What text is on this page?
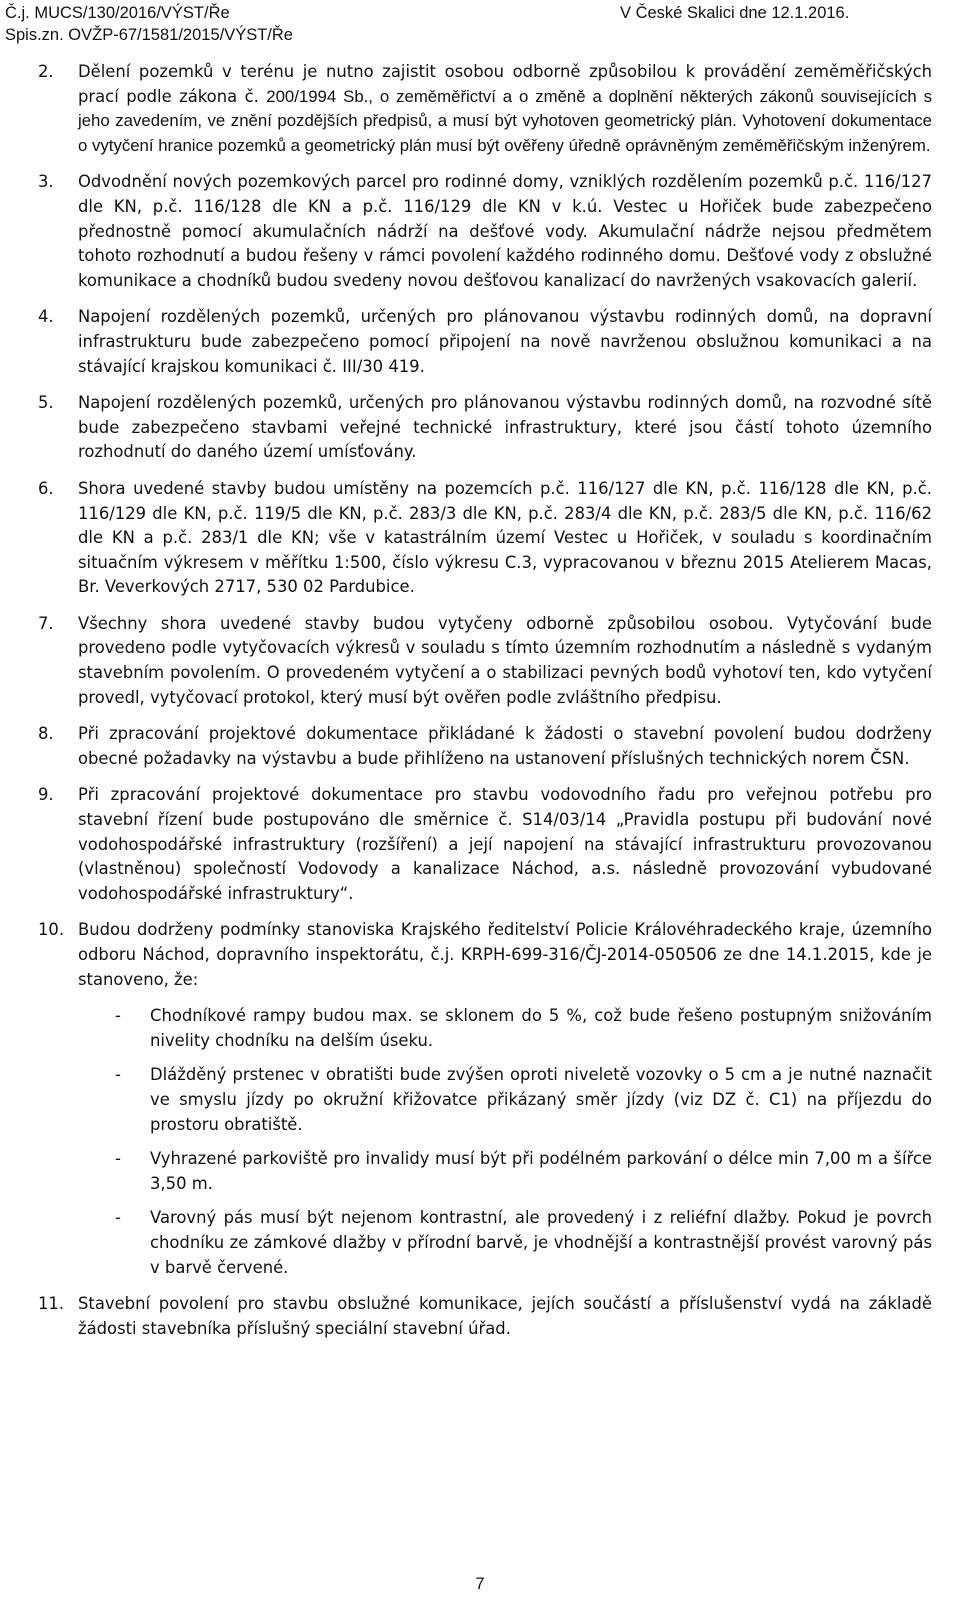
Č.j. MUCS/130/2016/VÝST/Ře	V České Skalici dne 12.1.2016.
Spis.zn. OVŽP-67/1581/2015/VÝST/Ře
2. Dělení pozemků v terénu je nutno zajistit osobou odborně způsobilou k provádění zeměměřičských prací podle zákona č. 200/1994 Sb., o zeměměřictví a o změně a doplnění některých zákonů souvisejících s jeho zavedením, ve znění pozdějších předpisů, a musí být vyhotoven geometrický plán. Vyhotovení dokumentace o vytyčení hranice pozemků a geometrický plán musí být ověřeny úředně oprávněným zeměměřičským inženýrem.
3. Odvodnění nových pozemkových parcel pro rodinné domy, vzniklých rozdělením pozemků p.č. 116/127 dle KN, p.č. 116/128 dle KN a p.č. 116/129 dle KN v k.ú. Vestec u Hořiček bude zabezpečeno přednostně pomocí akumulačních nádrží na dešťové vody. Akumulační nádrže nejsou předmětem tohoto rozhodnutí a budou řešeny v rámci povolení každého rodinného domu. Dešťové vody z obslužné komunikace a chodníků budou svedeny novou dešťovou kanalizací do navržených vsakovacích galerií.
4. Napojení rozdělených pozemků, určených pro plánovanou výstavbu rodinných domů, na dopravní infrastrukturu bude zabezpečeno pomocí připojení na nově navrženou obslužnou komunikaci a na stávající krajskou komunikaci č. III/30 419.
5. Napojení rozdělených pozemků, určených pro plánovanou výstavbu rodinných domů, na rozvodné sítě bude zabezpečeno stavbami veřejné technické infrastruktury, které jsou částí tohoto územního rozhodnutí do daného území umísťovány.
6. Shora uvedené stavby budou umístěny na pozemcích p.č. 116/127 dle KN, p.č. 116/128 dle KN, p.č. 116/129 dle KN, p.č. 119/5 dle KN, p.č. 283/3 dle KN, p.č. 283/4 dle KN, p.č. 283/5 dle KN, p.č. 116/62 dle KN a p.č. 283/1 dle KN; vše v katastrálním území Vestec u Hořiček, v souladu s koordinačním situačním výkresem v měřítku 1:500, číslo výkresu C.3, vypracovanou v březnu 2015 Atelierem Macas, Br. Veverkových 2717, 530 02 Pardubice.
7. Všechny shora uvedené stavby budou vytyčeny odborně způsobilou osobou. Vytyčování bude provedeno podle vytyčovacích výkresů v souladu s tímto územním rozhodnutím a následně s vydaným stavebním povolením. O provedeném vytyčení a o stabilizaci pevných bodů vyhotoví ten, kdo vytyčení provedl, vytyčovací protokol, který musí být ověřen podle zvláštního předpisu.
8. Při zpracování projektové dokumentace přikládané k žádosti o stavební povolení budou dodrženy obecné požadavky na výstavbu a bude přihlíženo na ustanovení příslušných technických norem ČSN.
9. Při zpracování projektové dokumentace pro stavbu vodovodního řadu pro veřejnou potřebu pro stavební řízení bude postupováno dle směrnice č. S14/03/14 „Pravidla postupu při budování nové vodohospodářské infrastruktury (rozšíření) a její napojení na stávající infrastrukturu provozovanou (vlastněnou) společností Vodovody a kanalizace Náchod, a.s. následně provozování vybudované vodohospodářské infrastruktury“.
10. Budou dodrženy podmínky stanoviska Krajského ředitelství Policie Královéhradeckého kraje, územního odboru Náchod, dopravního inspektorátu, č.j. KRPH-699-316/ČJ-2014-050506 ze dne 14.1.2015, kde je stanoveno, že:
- Chodníkové rampy budou max. se sklonem do 5 %, což bude řešeno postupným snižováním nivelity chodníku na delším úseku.
- Dlážděný prstenec v obratišti bude zvýšen oproti niveletě vozovky o 5 cm a je nutné naznačit ve smyslu jízdy po okružní křižovatce přikázaný směr jízdy (viz DZ č. C1) na příjezdu do prostoru obratiště.
- Vyhrazené parkoviště pro invalidy musí být při podélném parkování o délce min 7,00 m a šířce 3,50 m.
- Varovný pás musí být nejenom kontrastní, ale provedený i z reliéfní dlažby. Pokud je povrch chodníku ze zámkové dlažby v přírodní barvě, je vhodnější a kontrastnější provést varovný pás v barvě červené.
11. Stavební povolení pro stavbu obslužné komunikace, jejích součástí a příslušenství vydá na základě žádosti stavebníka příslušný speciální stavební úřad.
7
